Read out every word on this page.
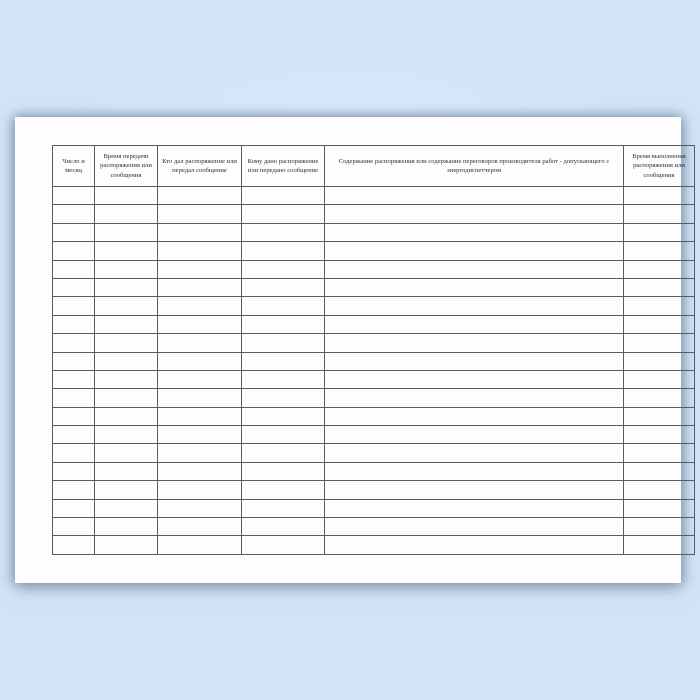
Число и месяц	Время передачи распоряжения или сообщения	Кто дал распоряжение или передал сообщение	Кому дано распоряжение или передано сообщение	Содержание распоряжения или содержание переговоров производителя работ - допускающего с энергодиспетчером	Время выполнения распоряжения или сообщения
